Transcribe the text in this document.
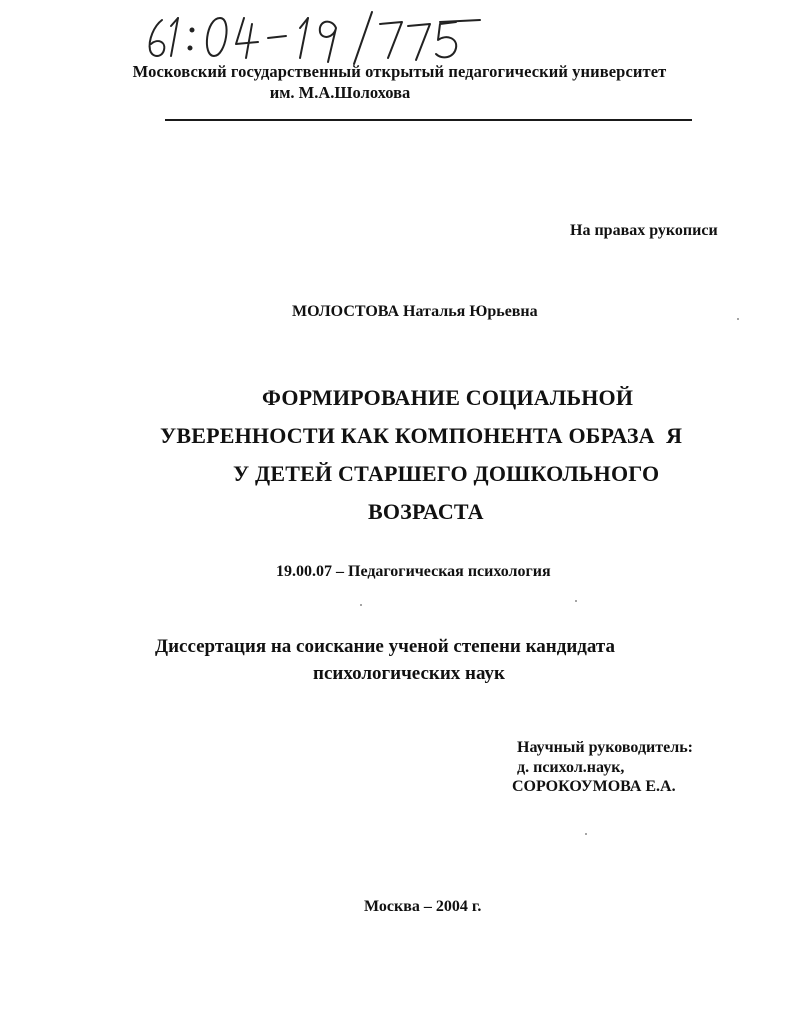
Московский государственный открытый педагогический университет
им. М.А.Шолохова
На правах рукописи
МОЛОСТОВА Наталья Юрьевна
ФОРМИРОВАНИЕ СОЦИАЛЬНОЙ
УВЕРЕННОСТИ КАК КОМПОНЕНТА ОБРАЗА  Я
У ДЕТЕЙ СТАРШЕГО ДОШКОЛЬНОГО
ВОЗРАСТА
19.00.07 – Педагогическая психология
Диссертация на соискание ученой степени кандидата
психологических наук
Научный руководитель:
д. психол.наук,
СОРОКОУМОВА Е.А.
Москва – 2004 г.
